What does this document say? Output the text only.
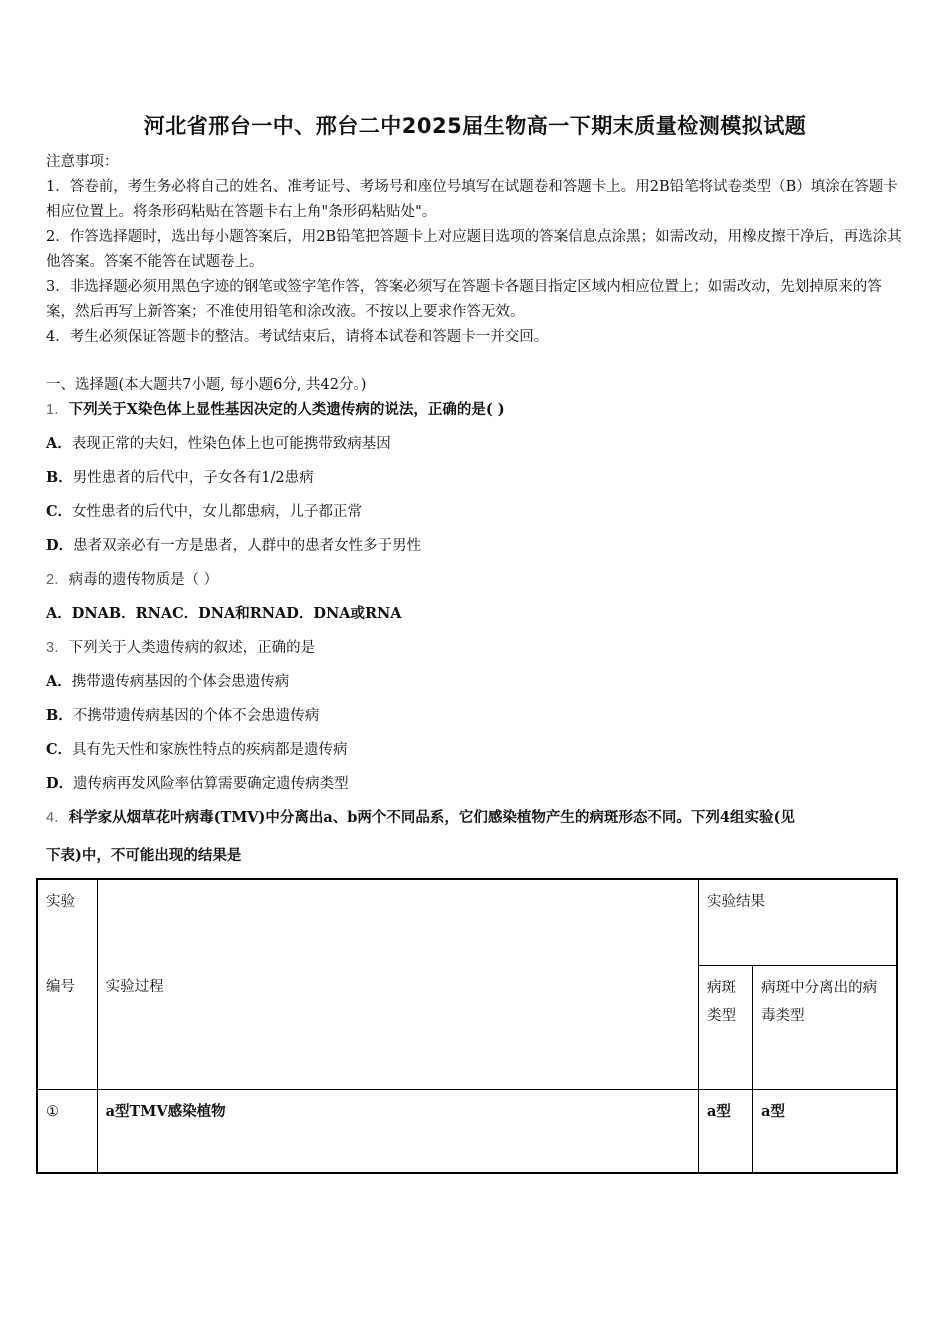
河北省邢台一中、邢台二中2025届生物高一下期末质量检测模拟试题

注意事项：

1．答卷前，考生务必将自己的姓名、准考证号、考场号和座位号填写在试题卷和答题卡上。用2B铅笔将试卷类型（B）填涂在答题卡相应位置上。将条形码粘贴在答题卡右上角"条形码粘贴处"。

2．作答选择题时，选出每小题答案后，用2B铅笔把答题卡上对应题目选项的答案信息点涂黑；如需改动，用橡皮擦干净后，再选涂其他答案。答案不能答在试题卷上。

3．非选择题必须用黑色字迹的钢笔或签字笔作答，答案必须写在答题卡各题目指定区域内相应位置上；如需改动，先划掉原来的答案，然后再写上新答案；不准使用铅笔和涂改液。不按以上要求作答无效。

4．考生必须保证答题卡的整洁。考试结束后，请将本试卷和答题卡一并交回。

一、选择题(本大题共7小题, 每小题6分, 共42分。)
1．下列关于X染色体上显性基因决定的人类遗传病的说法，正确的是( )
A．表现正常的夫妇，性染色体上也可能携带致病基因
B．男性患者的后代中，子女各有1/2患病
C．女性患者的后代中，女儿都患病，儿子都正常
D．患者双亲必有一方是患者，人群中的患者女性多于男性
2．病毒的遗传物质是（ ）
A．DNAB．RNAC．DNA和RNAD．DNA或RNA
3．下列关于人类遗传病的叙述，正确的是
A．携带遗传病基因的个体会患遗传病
B．不携带遗传病基因的个体不会患遗传病
C．具有先天性和家族性特点的疾病都是遗传病
D．遗传病再发风险率估算需要确定遗传病类型
4．科学家从烟草花叶病毒(TMV)中分离出a、b两个不同品系，它们感染植物产生的病斑形态不同。下列4组实验(见
下表)中，不可能出现的结果是
实验
编号	实验过程	实验结果	
		病斑类型	病斑中分离出的病毒类型
①	a型TMV感染植物	a型	a型
